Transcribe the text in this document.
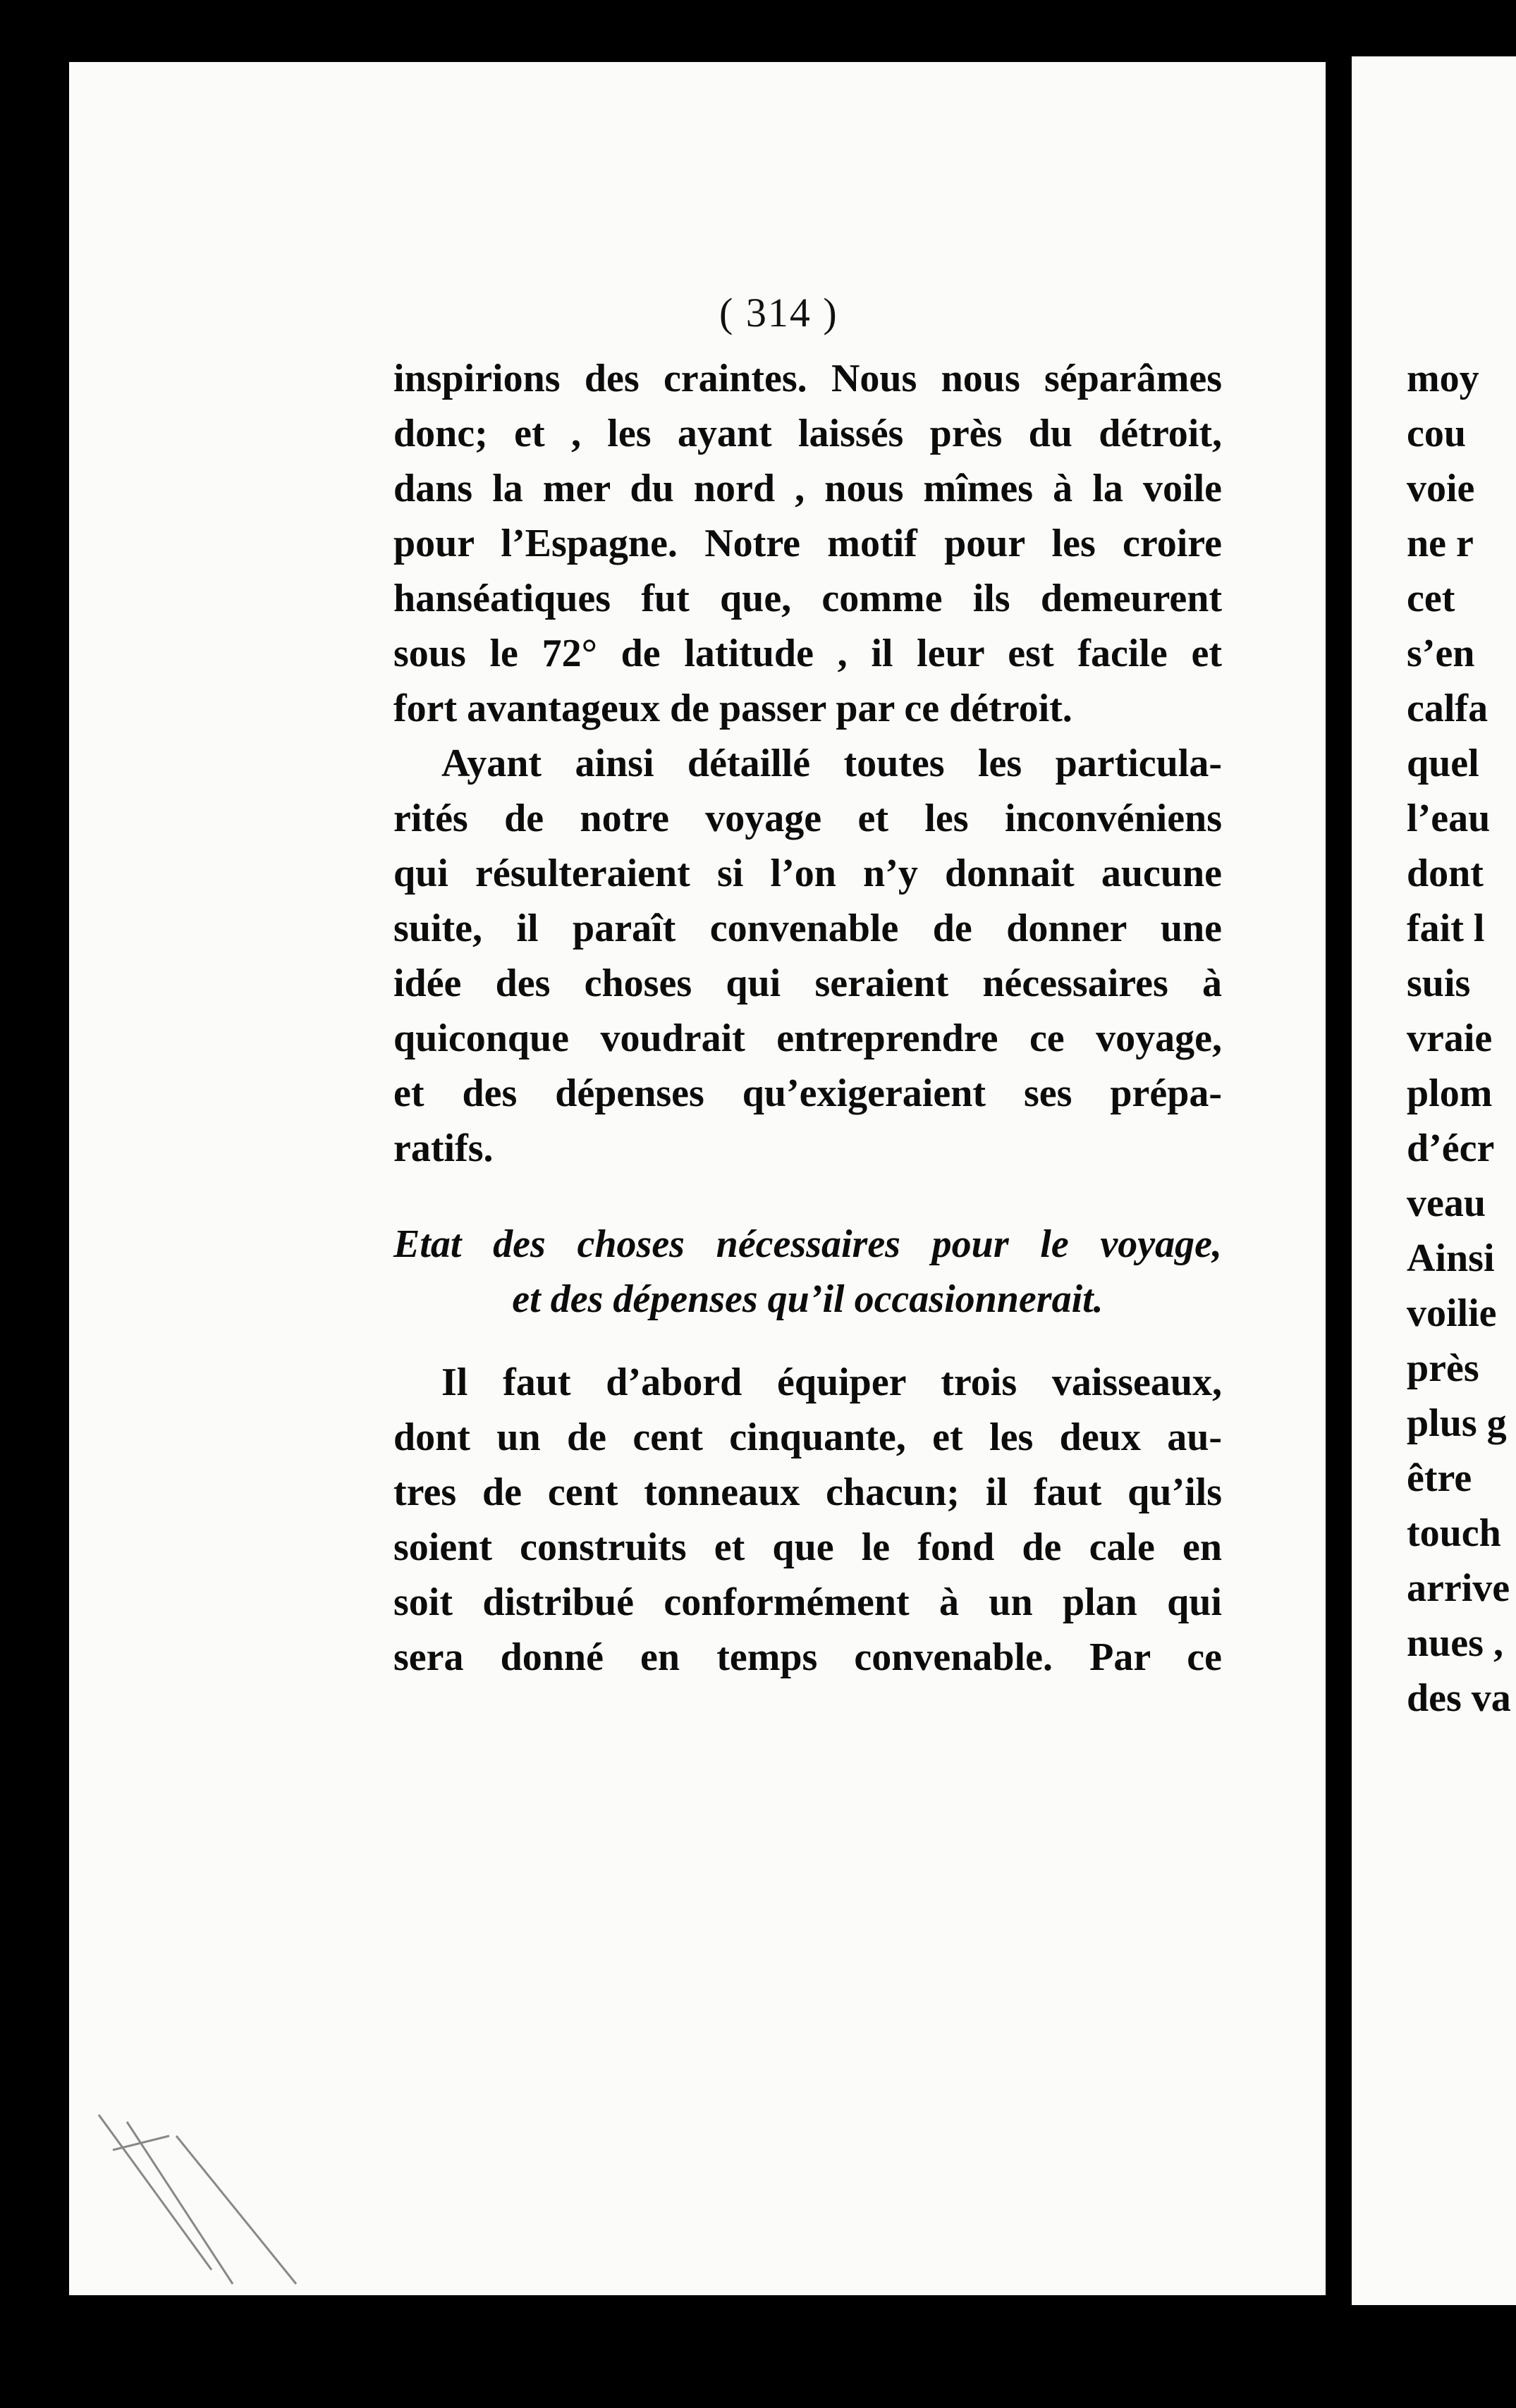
( 314 )
inspirions des craintes. Nous nous séparâmes
donc; et , les ayant laissés près du détroit,
dans la mer du nord , nous mîmes à la voile
pour l’Espagne. Notre motif pour les croire
hanséatiques fut que, comme ils demeurent
sous le 72° de latitude , il leur est facile et
fort avantageux de passer par ce détroit.
Ayant ainsi détaillé toutes les particula-
rités de notre voyage et les inconvéniens
qui résulteraient si l’on n’y donnait aucune
suite, il paraît convenable de donner une
idée des choses qui seraient nécessaires à
quiconque voudrait entreprendre ce voyage,
et des dépenses qu’exigeraient ses prépa-
ratifs.
Etat des choses nécessaires pour le voyage,
et des dépenses qu’il occasionnerait.
Il faut d’abord équiper trois vaisseaux,
dont un de cent cinquante, et les deux au-
tres de cent tonneaux chacun; il faut qu’ils
soient construits et que le fond de cale en
soit distribué conformément à un plan qui
sera donné en temps convenable. Par ce
moy
cou
voie
ne r
cet
s’en
calfa
quel
l’eau
dont
fait l
suis
vraie
plom
d’écr
veau
Ainsi
voilie
près
plus g
être
touch
arrive
nues ,
des va
